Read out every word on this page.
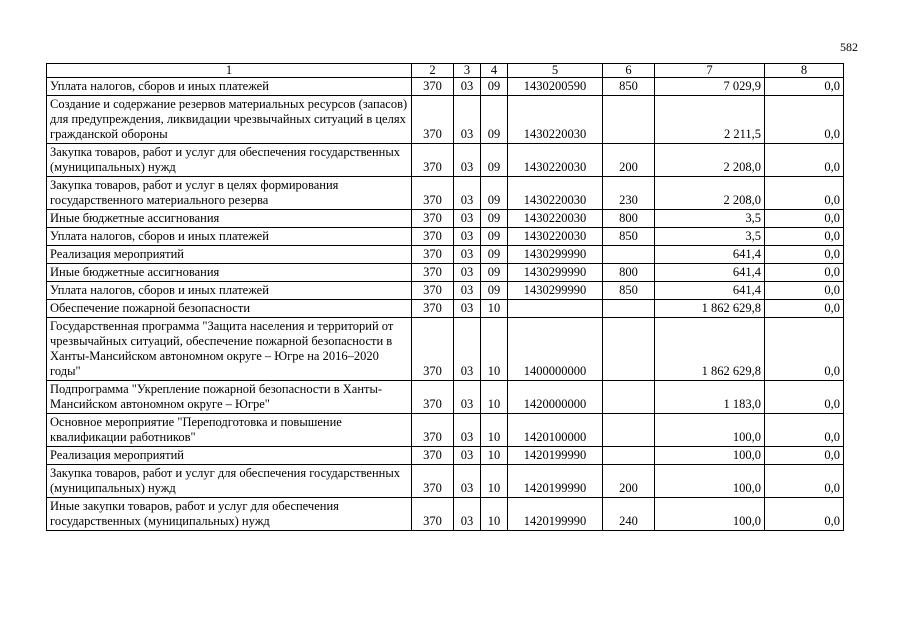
582
1	2	3	4	5	6	7	8
Уплата налогов, сборов и иных платежей	370	03	09	1430200590	850	7 029,9	0,0
Создание и содержание резервов материальных ресурсов (запасов) для предупреждения, ликвидации чрезвычайных ситуаций в целях гражданской обороны	370	03	09	1430220030		2 211,5	0,0
Закупка товаров, работ и услуг для обеспечения государственных (муниципальных) нужд	370	03	09	1430220030	200	2 208,0	0,0
Закупка товаров, работ и услуг в целях формирования государственного материального резерва	370	03	09	1430220030	230	2 208,0	0,0
Иные бюджетные ассигнования	370	03	09	1430220030	800	3,5	0,0
Уплата налогов, сборов и иных платежей	370	03	09	1430220030	850	3,5	0,0
Реализация мероприятий	370	03	09	1430299990		641,4	0,0
Иные бюджетные ассигнования	370	03	09	1430299990	800	641,4	0,0
Уплата налогов, сборов и иных платежей	370	03	09	1430299990	850	641,4	0,0
Обеспечение пожарной безопасности	370	03	10			1 862 629,8	0,0
Государственная программа "Защита населения и территорий от чрезвычайных ситуаций, обеспечение пожарной безопасности в Ханты-Мансийском автономном округе – Югре на 2016–2020 годы"	370	03	10	1400000000		1 862 629,8	0,0
Подпрограмма "Укрепление пожарной безопасности в Ханты-Мансийском автономном округе – Югре"	370	03	10	1420000000		1 183,0	0,0
Основное мероприятие "Переподготовка и повышение квалификации работников"	370	03	10	1420100000		100,0	0,0
Реализация мероприятий	370	03	10	1420199990		100,0	0,0
Закупка товаров, работ и услуг для обеспечения государственных (муниципальных) нужд	370	03	10	1420199990	200	100,0	0,0
Иные закупки товаров, работ и услуг для обеспечения государственных (муниципальных) нужд	370	03	10	1420199990	240	100,0	0,0
